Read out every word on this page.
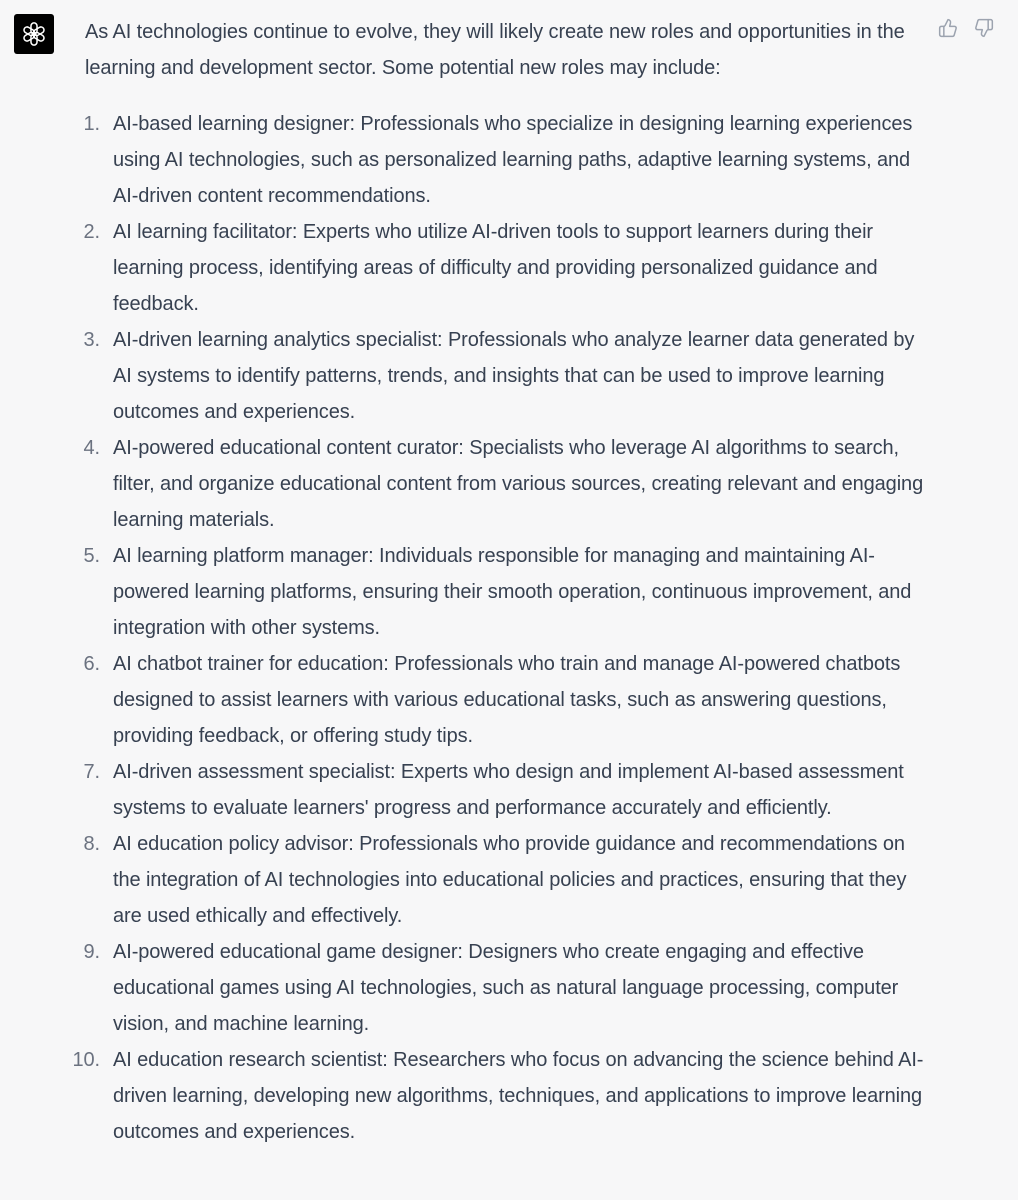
As AI technologies continue to evolve, they will likely create new roles and opportunities in the learning and development sector. Some potential new roles may include:

1. AI-based learning designer: Professionals who specialize in designing learning experiences using AI technologies, such as personalized learning paths, adaptive learning systems, and AI-driven content recommendations.
2. AI learning facilitator: Experts who utilize AI-driven tools to support learners during their learning process, identifying areas of difficulty and providing personalized guidance and feedback.
3. AI-driven learning analytics specialist: Professionals who analyze learner data generated by AI systems to identify patterns, trends, and insights that can be used to improve learning outcomes and experiences.
4. AI-powered educational content curator: Specialists who leverage AI algorithms to search, filter, and organize educational content from various sources, creating relevant and engaging learning materials.
5. AI learning platform manager: Individuals responsible for managing and maintaining AI-powered learning platforms, ensuring their smooth operation, continuous improvement, and integration with other systems.
6. AI chatbot trainer for education: Professionals who train and manage AI-powered chatbots designed to assist learners with various educational tasks, such as answering questions, providing feedback, or offering study tips.
7. AI-driven assessment specialist: Experts who design and implement AI-based assessment systems to evaluate learners' progress and performance accurately and efficiently.
8. AI education policy advisor: Professionals who provide guidance and recommendations on the integration of AI technologies into educational policies and practices, ensuring that they are used ethically and effectively.
9. AI-powered educational game designer: Designers who create engaging and effective educational games using AI technologies, such as natural language processing, computer vision, and machine learning.
10. AI education research scientist: Researchers who focus on advancing the science behind AI-driven learning, developing new algorithms, techniques, and applications to improve learning outcomes and experiences.
